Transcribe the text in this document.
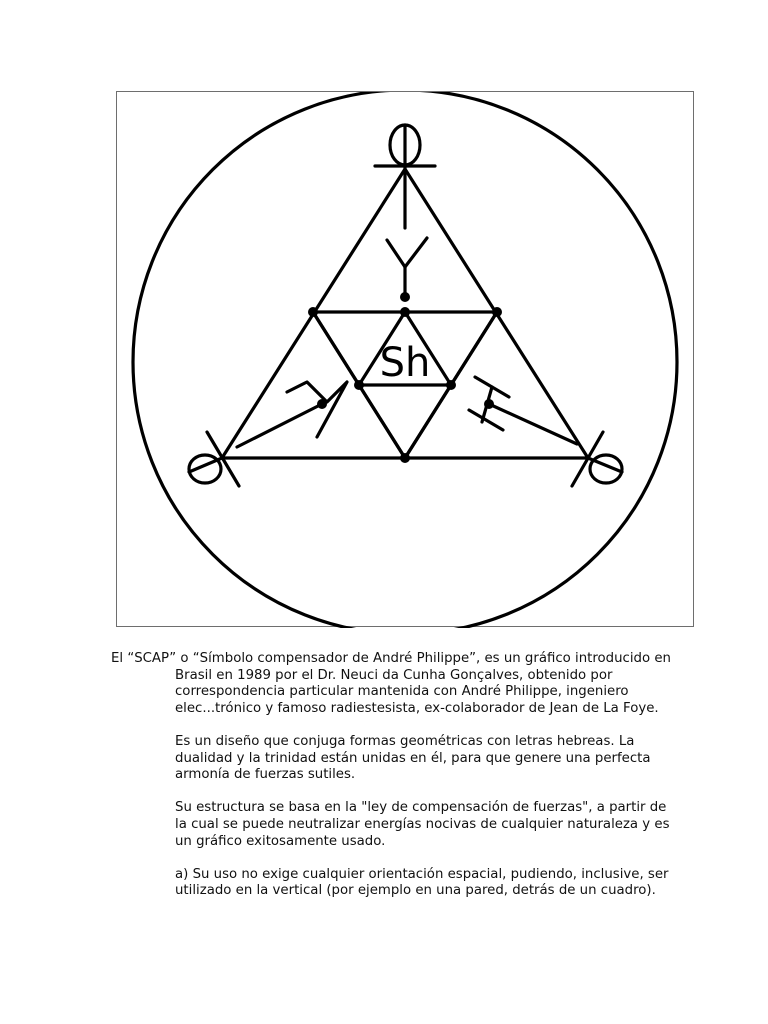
Sh

El “SCAP” o “Símbolo compensador de André Philippe”, es un gráfico introducido en Brasil en 1989 por el Dr. Neuci da Cunha Gonçalves, obtenido por correspondencia particular mantenida con André Philippe, ingeniero elec...trónico y famoso radiestesista, ex-colaborador de Jean de La Foye.

Es un diseño que conjuga formas geométricas con letras hebreas. La dualidad y la trinidad están unidas en él, para que genere una perfecta armonía de fuerzas sutiles.

Su estructura se basa en la "ley de compensación de fuerzas", a partir de la cual se puede neutralizar energías nocivas de cualquier naturaleza y es un gráfico exitosamente usado.

a) Su uso no exige cualquier orientación espacial, pudiendo, inclusive, ser utilizado en la vertical (por ejemplo en una pared, detrás de un cuadro).
